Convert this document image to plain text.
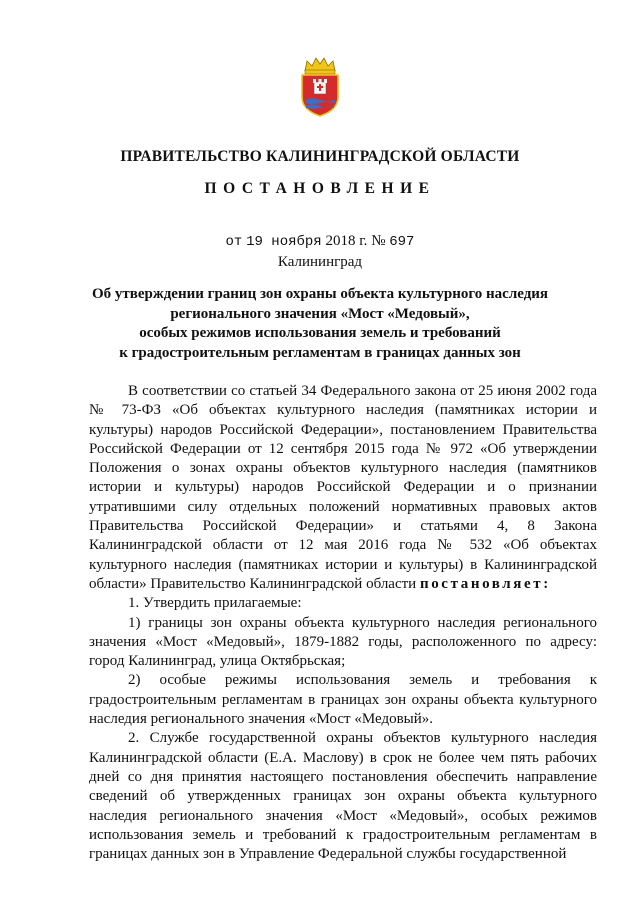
ПРАВИТЕЛЬСТВО КАЛИНИНГРАДСКОЙ ОБЛАСТИ
ПОСТАНОВЛЕНИЕ
от 19 ноября 2018 г. № 697
Калининград
Об утверждении границ зон охраны объекта культурного наследия
регионального значения «Мост «Медовый»,
особых режимов использования земель и требований
к градостроительным регламентам в границах данных зон

В соответствии со статьей 34 Федерального закона от 25 июня 2002 года № 73-ФЗ «Об объектах культурного наследия (памятниках истории и культуры) народов Российской Федерации», постановлением Правительства Российской Федерации от 12 сентября 2015 года № 972 «Об утверждении Положения о зонах охраны объектов культурного наследия (памятников истории и культуры) народов Российской Федерации и о признании утратившими силу отдельных положений нормативных правовых актов Правительства Российской Федерации» и статьями 4, 8 Закона Калининградской области от 12 мая 2016 года № 532 «Об объектах культурного наследия (памятниках истории и культуры) в Калининградской области» Правительство Калининградской области постановляет:

1. Утвердить прилагаемые:

1) границы зон охраны объекта культурного наследия регионального значения «Мост «Медовый», 1879-1882 годы, расположенного по адресу: город Калининград, улица Октябрьская;

2) особые режимы использования земель и требования к градостроительным регламентам в границах зон охраны объекта культурного наследия регионального значения «Мост «Медовый».

2. Службе государственной охраны объектов культурного наследия Калининградской области (Е.А. Маслову) в срок не более чем пять рабочих дней со дня принятия настоящего постановления обеспечить направление сведений об утвержденных границах зон охраны объекта культурного наследия регионального значения «Мост «Медовый», особых режимов использования земель и требований к градостроительным регламентам в границах данных зон в Управление Федеральной службы государственной
